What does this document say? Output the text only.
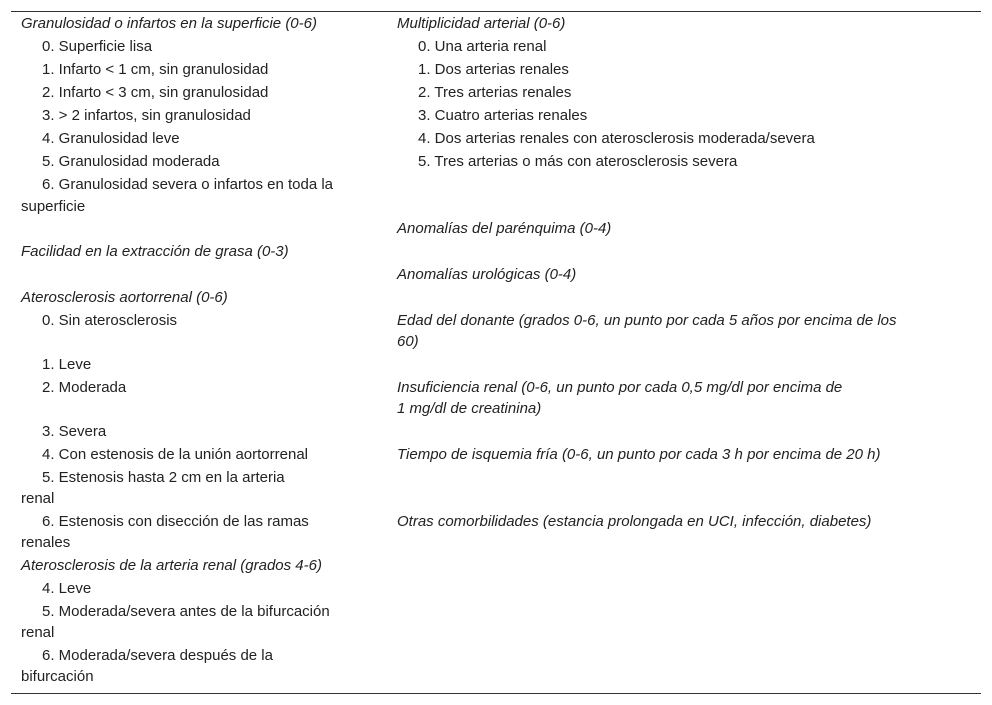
Granulosidad o infartos en la superficie (0-6)
0. Superficie lisa
1. Infarto < 1 cm, sin granulosidad
2. Infarto < 3 cm, sin granulosidad
3. > 2 infartos, sin granulosidad
4. Granulosidad leve
5. Granulosidad moderada
6. Granulosidad severa o infartos en toda la
superficie
Facilidad en la extracción de grasa (0-3)
Aterosclerosis aortorrenal (0-6)
0. Sin aterosclerosis
1. Leve
2. Moderada
3. Severa
4. Con estenosis de la unión aortorrenal
5. Estenosis hasta 2 cm en la arteria
renal
6. Estenosis con disección de las ramas
renales
Aterosclerosis de la arteria renal (grados 4-6)
4. Leve
5. Moderada/severa antes de la bifurcación
renal
6. Moderada/severa después de la
bifurcación
Multiplicidad arterial (0-6)
0. Una arteria renal
1. Dos arterias renales
2. Tres arterias renales
3. Cuatro arterias renales
4. Dos arterias renales con aterosclerosis moderada/severa
5. Tres arterias o más con aterosclerosis severa
Anomalías del parénquima (0-4)
Anomalías urológicas (0-4)
Edad del donante (grados 0-6, un punto por cada 5 años por encima de los
60)
Insuficiencia renal (0-6, un punto por cada 0,5 mg/dl por encima de
1 mg/dl de creatinina)
Tiempo de isquemia fría (0-6, un punto por cada 3 h por encima de 20 h)
Otras comorbilidades (estancia prolongada en UCI, infección, diabetes)
